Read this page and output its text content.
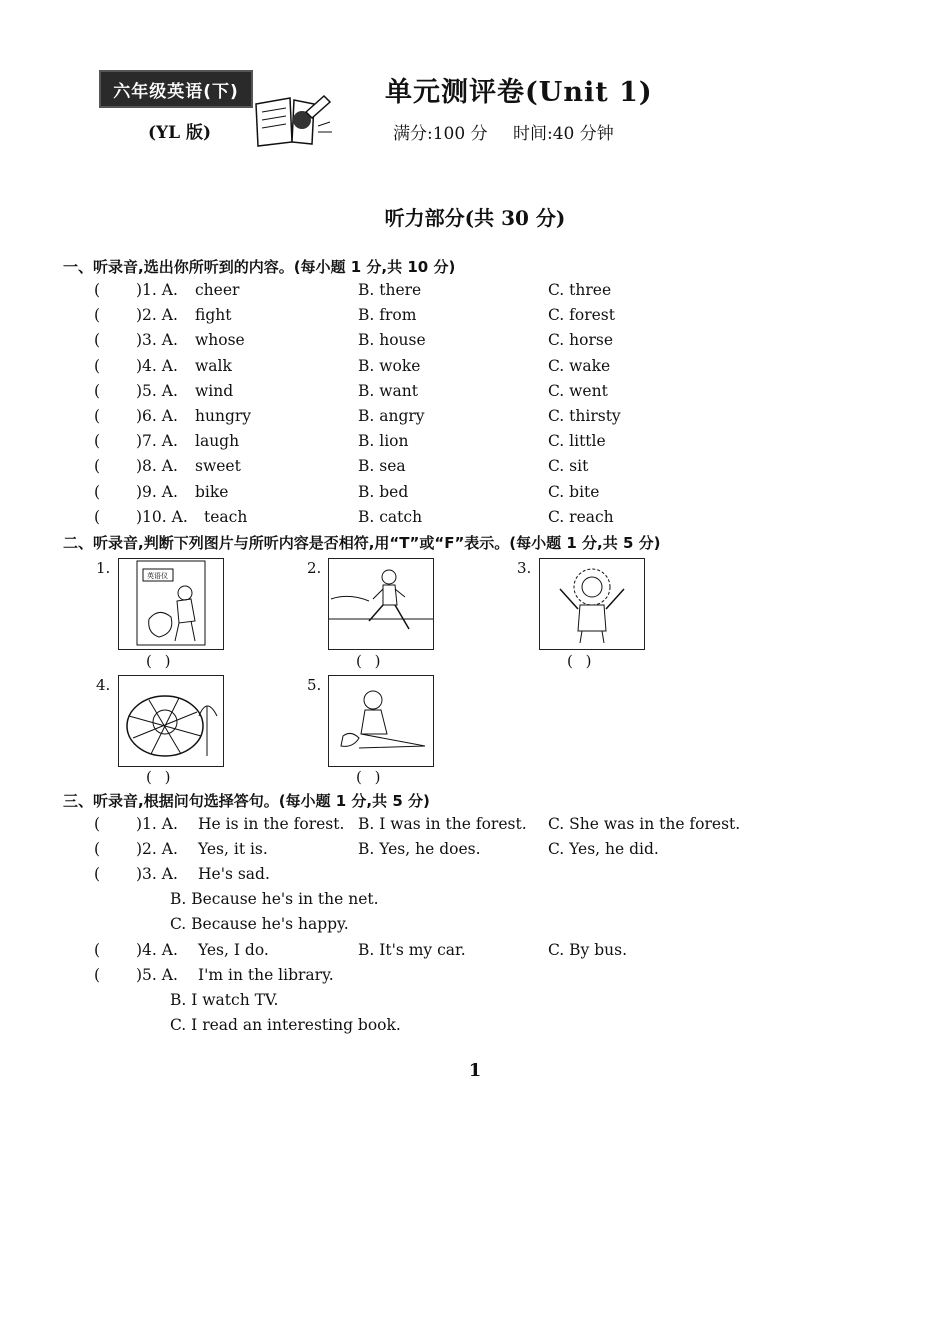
六年级英语(下)
(YL 版)
单元测评卷(Unit 1)
满分:100 分 时间:40 分钟
听力部分(共 30 分)
一、听录音,选出你所听到的内容。(每小题 1 分,共 10 分)
( )1. A. cheer	B. there	C. three
( )2. A. fight	B. from	C. forest
( )3. A. whose	B. house	C. horse
( )4. A. walk	B. woke	C. wake
( )5. A. wind	B. want	C. went
( )6. A. hungry	B. angry	C. thirsty
( )7. A. laugh	B. lion	C. little
( )8. A. sweet	B. sea	C. sit
( )9. A. bike	B. bed	C. bite
( )10. A. teach	B. catch	C. reach
二、听录音,判断下列图片与所听内容是否相符,用“T”或“F”表示。(每小题 1 分,共 5 分)
1.	英语仪
( )
2.
( )
3.
( )
4.
( )
5.
( )
三、听录音,根据问句选择答句。(每小题 1 分,共 5 分)
( )1. A. He is in the forest. B. I was in the forest. C. She was in the forest.
( )2. A. Yes, it is.	B. Yes, he does.	C. Yes, he did.
( )3. A. He's sad.
B. Because he's in the net.
C. Because he's happy.
( )4. A. Yes, I do.	B. It's my car.	C. By bus.
( )5. A. I'm in the library.
B. I watch TV.
C. I read an interesting book.
1
